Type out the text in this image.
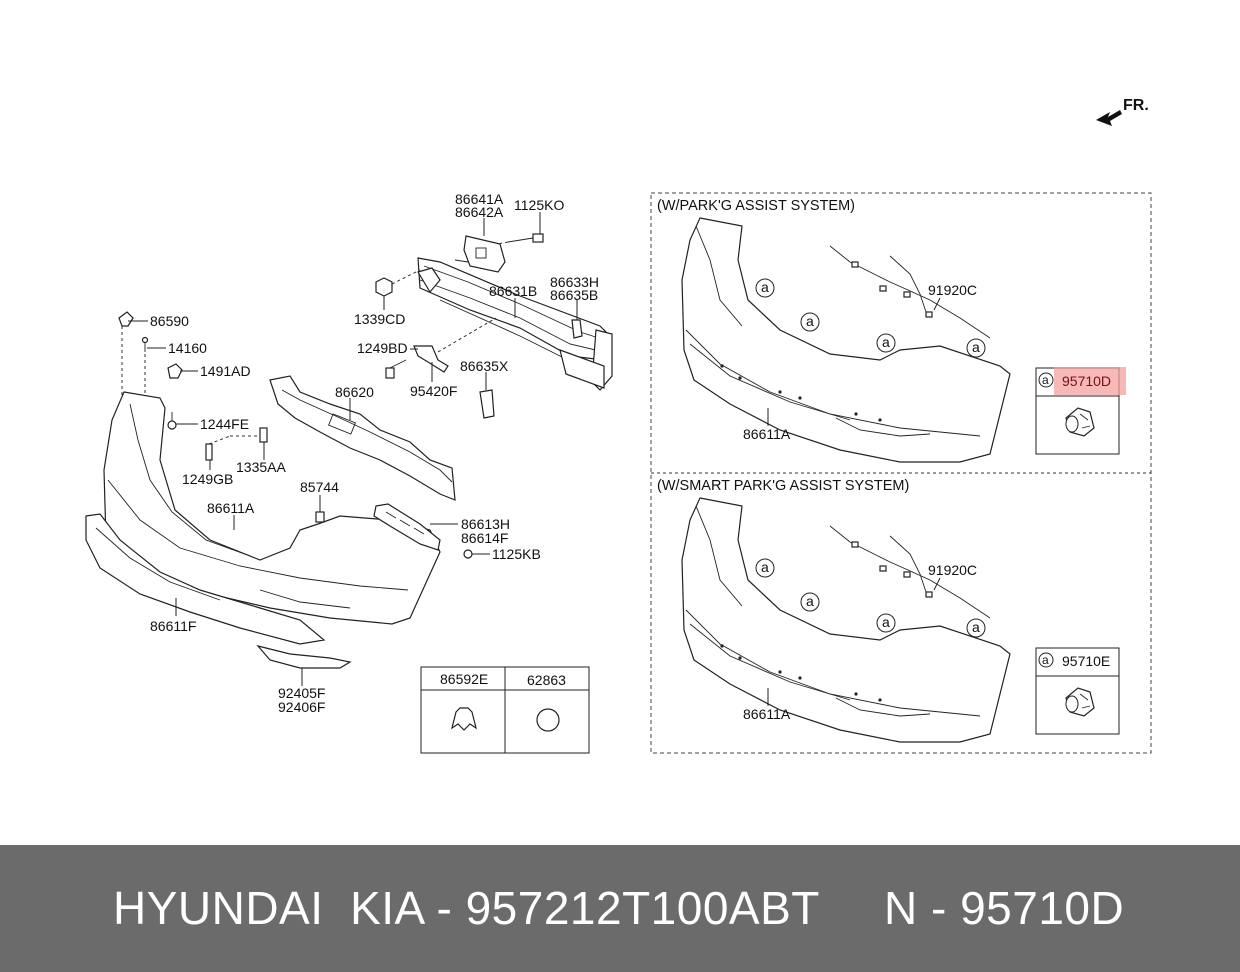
FR.
86641A
86642A 1125KO
86633H
86635B
86631B
1339CD
1249BD
86635X
95420F
86620
86590
14160
1491AD
1244FE
1335AA
1249GB	85744
86611A
86613H
86614F
1125KB
86611F
92405F
92406F
86592E	62863
(W/PARK'G ASSIST SYSTEM)
a
a
a	a
91920C
86611A
a 95710D
(W/SMART PARK'G ASSIST SYSTEM)
a
a
a	a
91920C
86611A
a 95710E
HYUNDAI  KIA - 957212T100ABT N - 95710D
